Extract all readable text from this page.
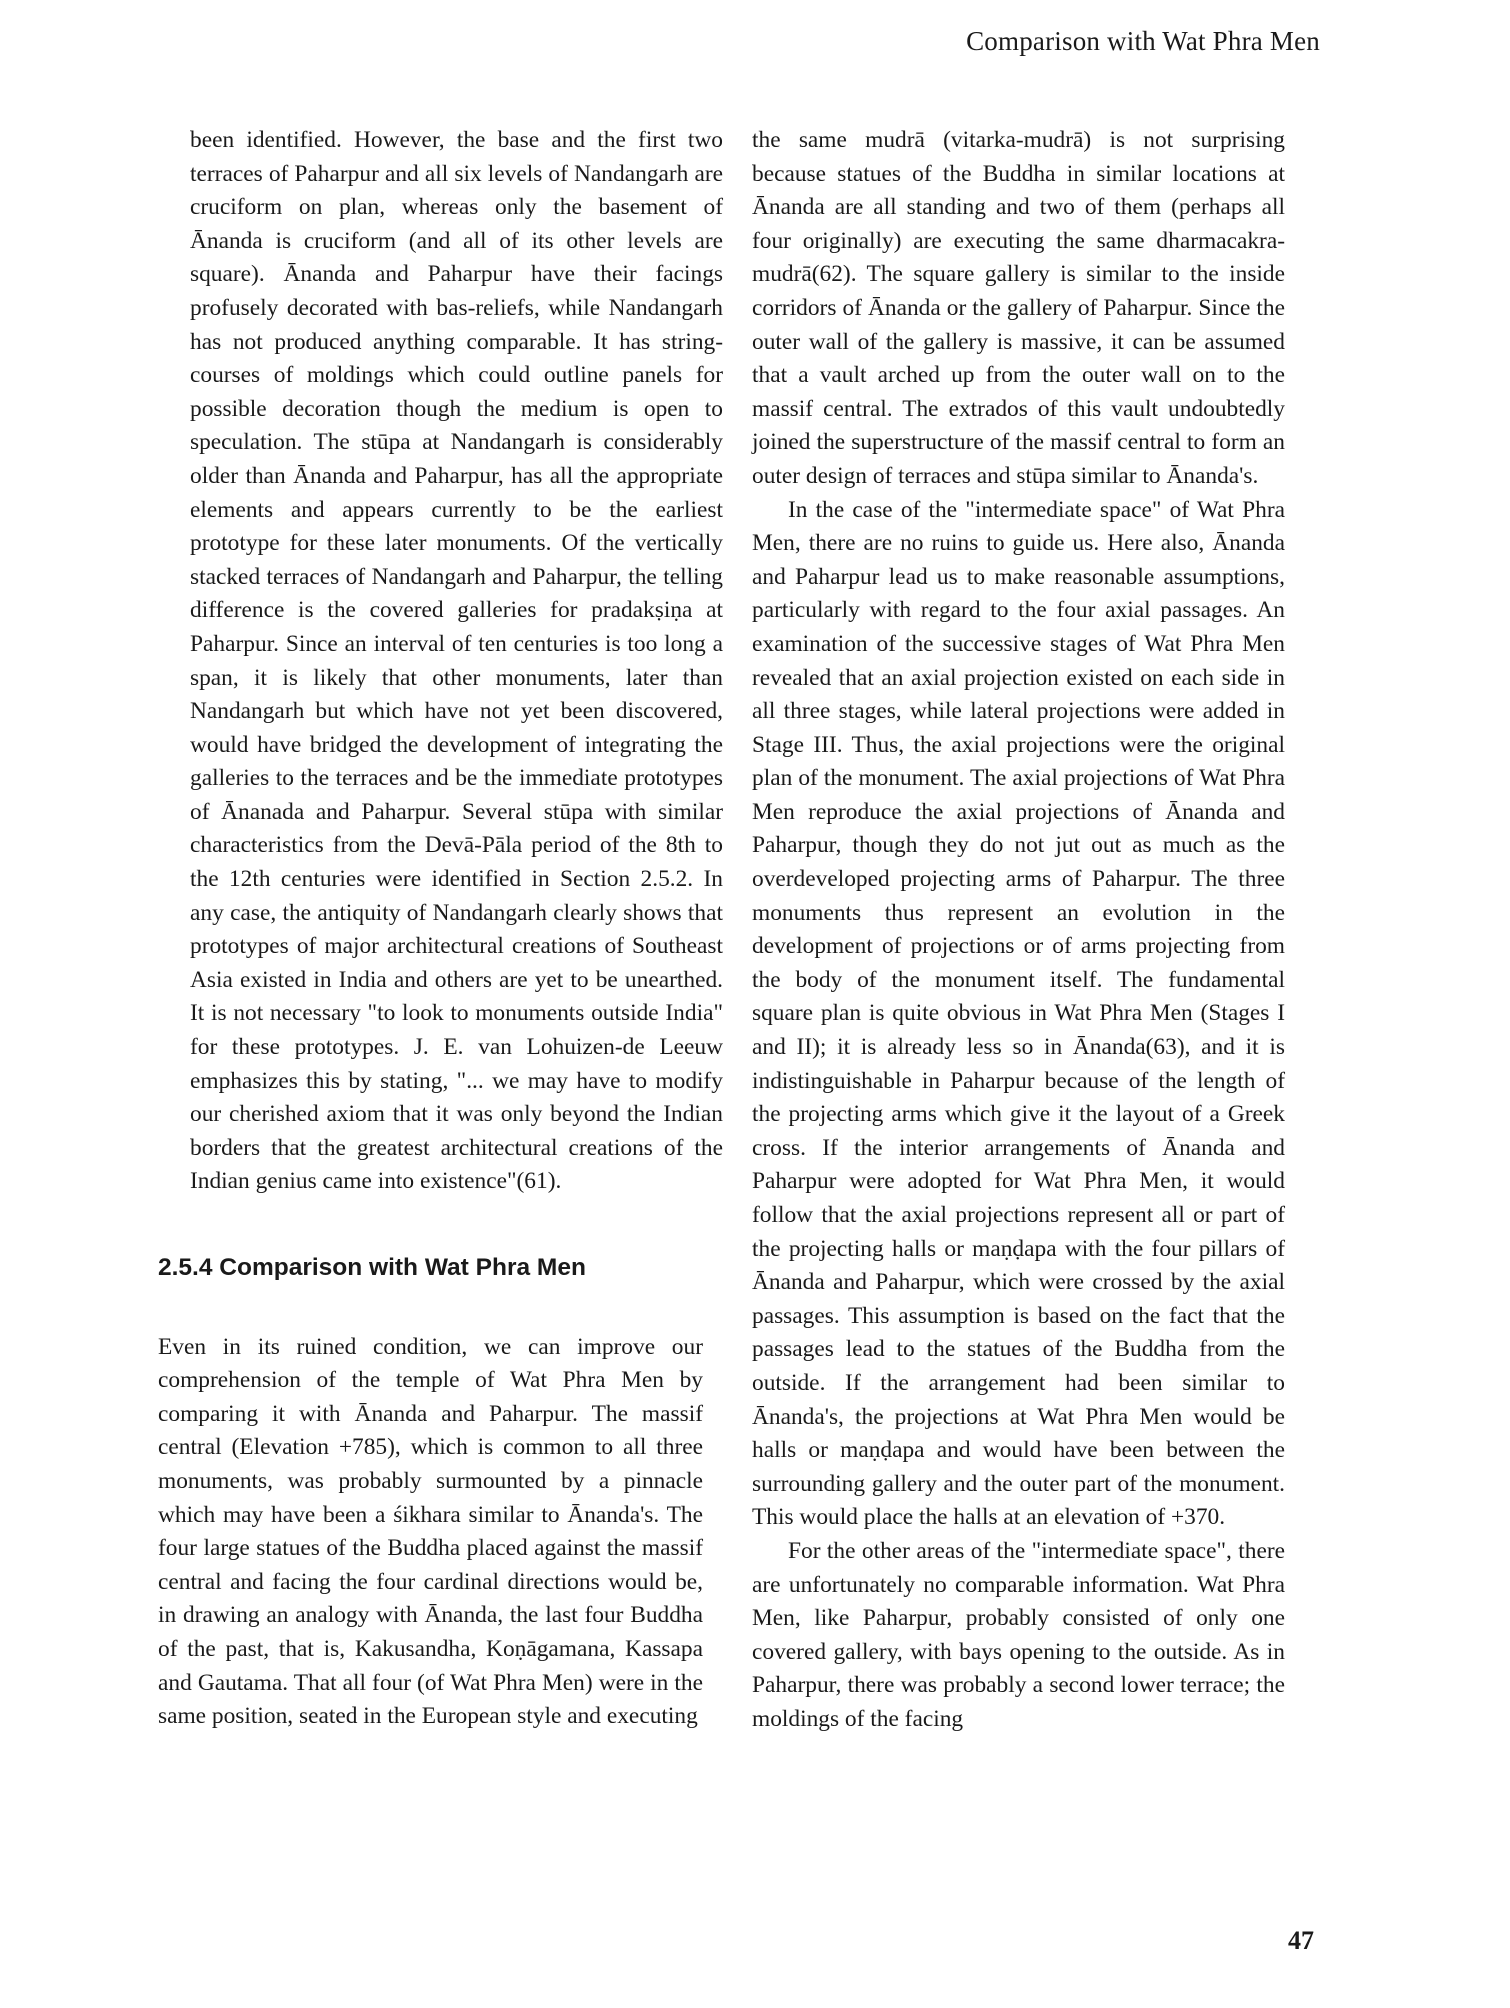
Comparison with Wat Phra Men

been identified. However, the base and the first two terraces of Paharpur and all six levels of Nandangarh are cruciform on plan, whereas only the basement of Ānanda is cruciform (and all of its other levels are square). Ānanda and Paharpur have their facings profusely decorated with bas-reliefs, while Nandangarh has not produced anything comparable. It has string-courses of moldings which could outline panels for possible decoration though the medium is open to speculation. The stūpa at Nandangarh is considerably older than Ānanda and Paharpur, has all the appropriate elements and appears currently to be the earliest prototype for these later monuments. Of the vertically stacked terraces of Nandangarh and Paharpur, the telling difference is the covered galleries for pradakṣiṇa at Paharpur. Since an interval of ten centuries is too long a span, it is likely that other monuments, later than Nandangarh but which have not yet been discovered, would have bridged the development of integrating the galleries to the terraces and be the immediate prototypes of Ānanada and Paharpur. Several stūpa with similar characteristics from the Devā-Pāla period of the 8th to the 12th centuries were identified in Section 2.5.2. In any case, the antiquity of Nandangarh clearly shows that prototypes of major architectural creations of Southeast Asia existed in India and others are yet to be unearthed. It is not necessary "to look to monuments outside India" for these prototypes. J. E. van Lohuizen-de Leeuw emphasizes this by stating, "... we may have to modify our cherished axiom that it was only beyond the Indian borders that the greatest architectural creations of the Indian genius came into existence"(61).

2.5.4 Comparison with Wat Phra Men

Even in its ruined condition, we can improve our comprehension of the temple of Wat Phra Men by comparing it with Ānanda and Paharpur. The massif central (Elevation +785), which is common to all three monuments, was probably surmounted by a pinnacle which may have been a śikhara similar to Ānanda's. The four large statues of the Buddha placed against the massif central and facing the four cardinal directions would be, in drawing an analogy with Ānanda, the last four Buddha of the past, that is, Kakusandha, Koṇāgamana, Kassapa and Gautama. That all four (of Wat Phra Men) were in the same position, seated in the European style and executing

the same mudrā (vitarka-mudrā) is not surprising because statues of the Buddha in similar locations at Ānanda are all standing and two of them (perhaps all four originally) are executing the same dharmacakra-mudrā(62). The square gallery is similar to the inside corridors of Ānanda or the gallery of Paharpur. Since the outer wall of the gallery is massive, it can be assumed that a vault arched up from the outer wall on to the massif central. The extrados of this vault undoubtedly joined the superstructure of the massif central to form an outer design of terraces and stūpa similar to Ānanda's.

In the case of the "intermediate space" of Wat Phra Men, there are no ruins to guide us. Here also, Ānanda and Paharpur lead us to make reasonable assumptions, particularly with regard to the four axial passages. An examination of the successive stages of Wat Phra Men revealed that an axial projection existed on each side in all three stages, while lateral projections were added in Stage III. Thus, the axial projections were the original plan of the monument. The axial projections of Wat Phra Men reproduce the axial projections of Ānanda and Paharpur, though they do not jut out as much as the overdeveloped projecting arms of Paharpur. The three monuments thus represent an evolution in the development of projections or of arms projecting from the body of the monument itself. The fundamental square plan is quite obvious in Wat Phra Men (Stages I and II); it is already less so in Ānanda(63), and it is indistinguishable in Paharpur because of the length of the projecting arms which give it the layout of a Greek cross. If the interior arrangements of Ānanda and Paharpur were adopted for Wat Phra Men, it would follow that the axial projections represent all or part of the projecting halls or maṇḍapa with the four pillars of Ānanda and Paharpur, which were crossed by the axial passages. This assumption is based on the fact that the passages lead to the statues of the Buddha from the outside. If the arrangement had been similar to Ānanda's, the projections at Wat Phra Men would be halls or maṇḍapa and would have been between the surrounding gallery and the outer part of the monument. This would place the halls at an elevation of +370.

For the other areas of the "intermediate space", there are unfortunately no comparable information. Wat Phra Men, like Paharpur, probably consisted of only one covered gallery, with bays opening to the outside. As in Paharpur, there was probably a second lower terrace; the moldings of the facing

47
